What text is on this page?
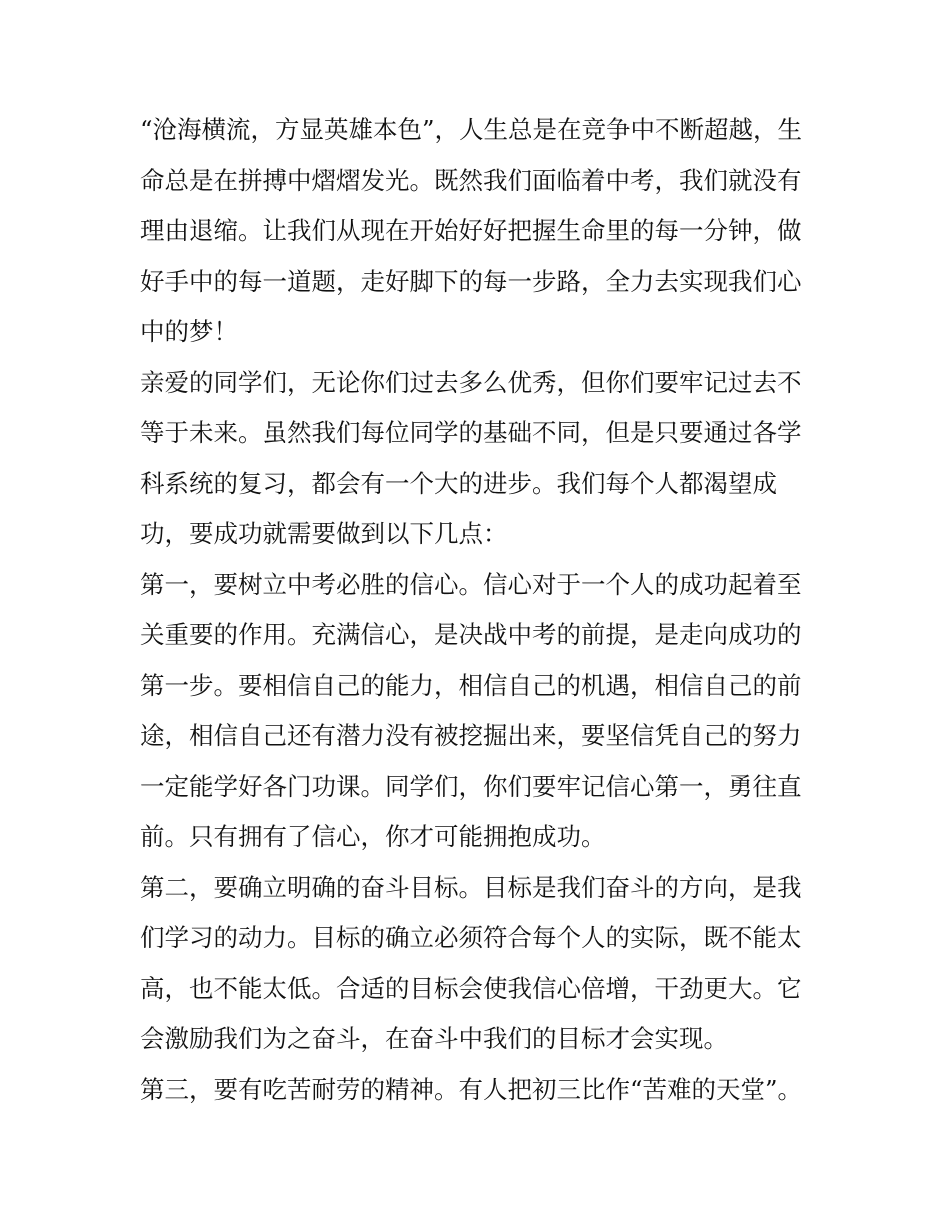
“沧海横流，方显英雄本色”，人生总是在竞争中不断超越，生
命总是在拼搏中熠熠发光。既然我们面临着中考，我们就没有
理由退缩。让我们从现在开始好好把握生命里的每一分钟，做
好手中的每一道题，走好脚下的每一步路，全力去实现我们心
中的梦！
亲爱的同学们，无论你们过去多么优秀，但你们要牢记过去不
等于未来。虽然我们每位同学的基础不同，但是只要通过各学
科系统的复习，都会有一个大的进步。我们每个人都渴望成
功，要成功就需要做到以下几点：
第一，要树立中考必胜的信心。信心对于一个人的成功起着至
关重要的作用。充满信心，是决战中考的前提，是走向成功的
第一步。要相信自己的能力，相信自己的机遇，相信自己的前
途，相信自己还有潜力没有被挖掘出来，要坚信凭自己的努力
一定能学好各门功课。同学们，你们要牢记信心第一，勇往直
前。只有拥有了信心，你才可能拥抱成功。
第二，要确立明确的奋斗目标。目标是我们奋斗的方向，是我
们学习的动力。目标的确立必须符合每个人的实际，既不能太
高，也不能太低。合适的目标会使我信心倍增，干劲更大。它
会激励我们为之奋斗，在奋斗中我们的目标才会实现。
第三，要有吃苦耐劳的精神。有人把初三比作“苦难的天堂”。
